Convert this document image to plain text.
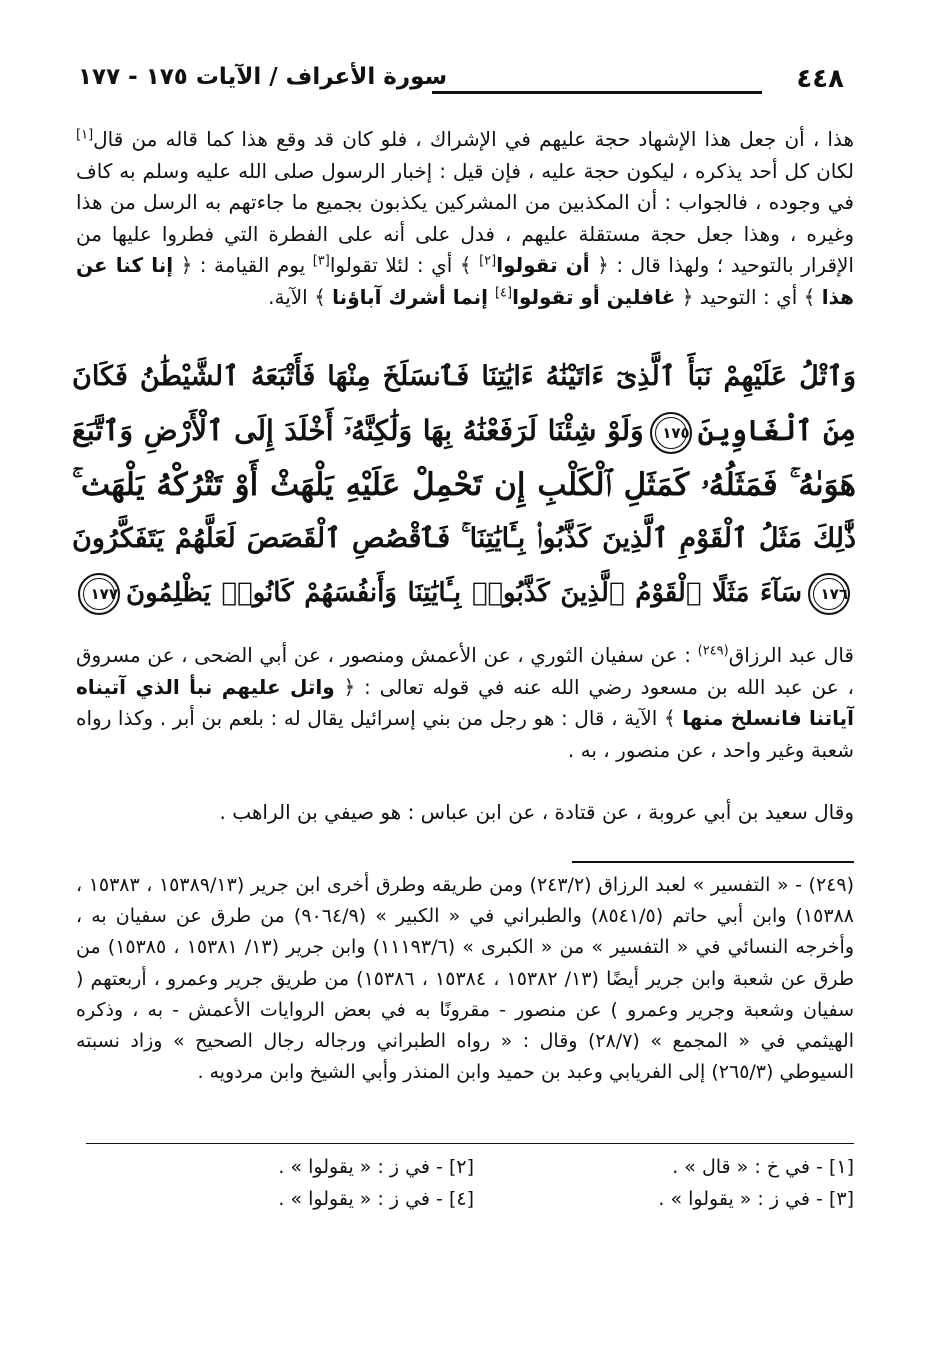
٤٤٨
سورة الأعراف / الآيات ١٧٥ - ١٧٧
هذا ، أن جعل هذا الإشهاد حجة عليهم في الإشراك ، فلو كان قد وقع هذا كما قاله من قال[١] لكان كل أحد يذكره ، ليكون حجة عليه ، فإن قيل : إخبار الرسول صلى الله عليه وسلم به كاف في وجوده ، فالجواب : أن المكذبين من المشركين يكذبون بجميع ما جاءتهم به الرسل من هذا وغيره ، وهذا جعل حجة مستقلة عليهم ، فدل على أنه على الفطرة التي فطروا عليها من الإقرار بالتوحيد ؛ ولهذا قال : ﴿ أن تقولوا[٢] ﴾ أي : لئلا تقولوا[٣] يوم القيامة : ﴿ إنا كنا عن هذا ﴾ أي : التوحيد ﴿ غافلين أو تقولوا[٤] إنما أشرك آباؤنا ﴾ الآية.
وَٱتْلُ عَلَيْهِمْ نَبَأَ ٱلَّذِىٓ ءَاتَيْنَٰهُ ءَايَٰتِنَا فَٱنسَلَخَ مِنْهَا فَأَتْبَعَهُ ٱلشَّيْطَٰنُ فَكَانَ
مِنَ ٱلْغَاوِينَ١٧٥وَلَوْ شِئْنَا لَرَفَعْنَٰهُ بِهَا وَلَٰكِنَّهُۥٓ أَخْلَدَ إِلَى ٱلْأَرْضِ وَٱتَّبَعَ
هَوَىٰهُ ۚ فَمَثَلُهُۥ كَمَثَلِ ٱلْكَلْبِ إِن تَحْمِلْ عَلَيْهِ يَلْهَثْ أَوْ تَتْرُكْهُ يَلْهَث ۚ
ذَّٰلِكَ مَثَلُ ٱلْقَوْمِ ٱلَّذِينَ كَذَّبُوا۟ بِـَٔايَٰتِنَا ۚ فَٱقْصُصِ ٱلْقَصَصَ لَعَلَّهُمْ يَتَفَكَّرُونَ
١٧٦سَآءَ مَثَلًا ٱلْقَوْمُ ٱلَّذِينَ كَذَّبُوا۟ بِـَٔايَٰتِنَا وَأَنفُسَهُمْ كَانُوا۟ يَظْلِمُونَ١٧٧
قال عبد الرزاق$^{(٢٤٩)}$ : عن سفيان الثوري ، عن الأعمش ومنصور ، عن أبي الضحى ، عن مسروق ، عن عبد الله بن مسعود رضي الله عنه في قوله تعالى : ﴿ واتل عليهم نبأ الذي آتيناه آياتنا فانسلخ منها ﴾ الآية ، قال : هو رجل من بني إسرائيل يقال له : بلعم بن أبر . وكذا رواه شعبة وغير واحد ، عن منصور ، به .
وقال سعيد بن أبي عروبة ، عن قتادة ، عن ابن عباس : هو صيفي بن الراهب .
(٢٤٩) - « التفسير » لعبد الرزاق (٢٤٣/٢) ومن طريقه وطرق أخرى ابن جرير (١٥٣٨٩/١٣ ، ١٥٣٨٣ ، ١٥٣٨٨) وابن أبي حاتم (٨٥٤١/٥) والطبراني في « الكبير » (٩٠٦٤/٩) من طرق عن سفيان به ، وأخرجه النسائي في « التفسير » من « الكبرى » (١١١٩٣/٦) وابن جرير (١٣/ ١٥٣٨١ ، ١٥٣٨٥) من طرق عن شعبة وابن جرير أيضًا (١٣/ ١٥٣٨٢ ، ١٥٣٨٤ ، ١٥٣٨٦) من طريق جرير وعمرو ، أربعتهم ( سفيان وشعبة وجرير وعمرو ) عن منصور - مقرونًا به في بعض الروايات الأعمش - به ، وذكره الهيثمي في « المجمع » (٢٨/٧) وقال : « رواه الطبراني ورجاله رجال الصحيح » وزاد نسبته السيوطي (٢٦٥/٣) إلى الفريابي وعبد بن حميد وابن المنذر وأبي الشيخ وابن مردويه .
[١] - في خ : « قال » .
[٢] - في ز : « يقولوا » .
[٣] - في ز : « يقولوا » .
[٤] - في ز : « يقولوا » .
